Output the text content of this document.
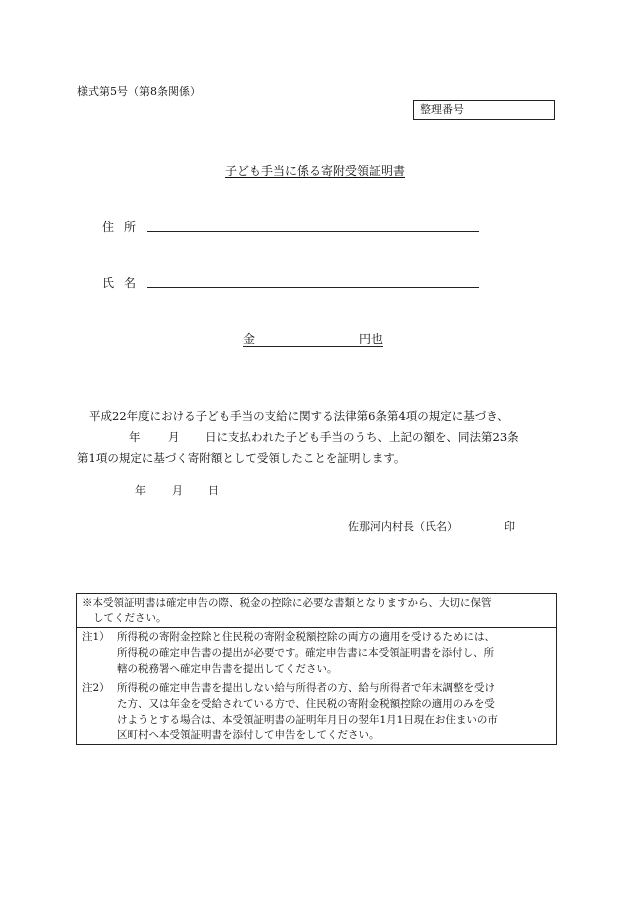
様式第5号（第8条関係）
整理番号
子ども手当に係る寄附受領証明書
住 所
氏 名
金	円也
平成22年度における子ども手当の支給に関する法律第6条第4項の規定に基づき、
年 月 日に支払われた子ども手当のうち、上記の額を、同法第23条
第1項の規定に基づく寄附額として受領したことを証明します。
年 月 日
佐那河内村長（氏名）	印
※本受領証明書は確定申告の際、税金の控除に必要な書類となりますから、大切に保管
してください。
注1） 所得税の寄附金控除と住民税の寄附金税額控除の両方の適用を受けるためには、
所得税の確定申告書の提出が必要です。確定申告書に本受領証明書を添付し、所
轄の税務署へ確定申告書を提出してください。
注2） 所得税の確定申告書を提出しない給与所得者の方、給与所得者で年末調整を受け
た方、又は年金を受給されている方で、住民税の寄附金税額控除の適用のみを受
けようとする場合は、本受領証明書の証明年月日の翌年1月1日現在お住まいの市
区町村へ本受領証明書を添付して申告をしてください。
